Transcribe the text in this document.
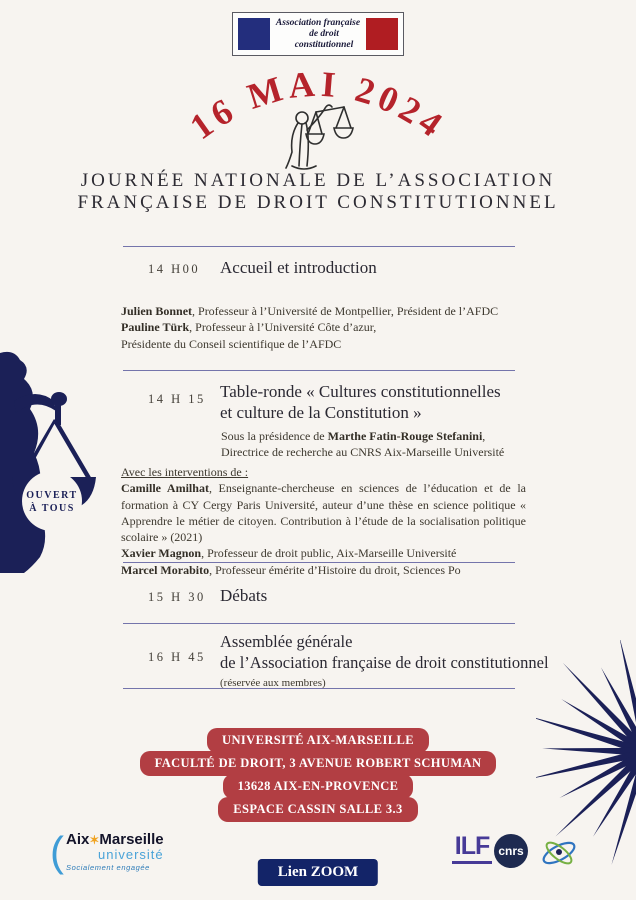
Association française
de droit constitutionnel
16 MAI 2024
JOURNÉE NATIONALE DE L’ASSOCIATION
FRANÇAISE DE DROIT CONSTITUTIONNEL
14 H00 Accueil et introduction
Julien Bonnet, Professeur à l’Université de Montpellier, Président de l’AFDC
Pauline Türk, Professeur à l’Université Côte d’azur,
Présidente du Conseil scientifique de l’AFDC
14 H 15 Table-ronde « Cultures constitutionnelles
et culture de la Constitution »
Sous la présidence de Marthe Fatin-Rouge Stefanini,
Directrice de recherche au CNRS Aix-Marseille Université
Avec les interventions de :
Camille Amilhat, Enseignante-chercheuse en sciences de l’éducation et de la formation à CY Cergy Paris Université, auteur d’une thèse en science politique « Apprendre le métier de citoyen. Contribution à l’étude de la socialisation politique scolaire » (2021)
Xavier Magnon, Professeur de droit public, Aix-Marseille Université
Marcel Morabito, Professeur émérite d’Histoire du droit, Sciences Po
15 H 30 Débats
16 H 45
Assemblée générale
de l’Association française de droit constitutionnel
(réservée aux membres)
OUVERT
À TOUS
UNIVERSITÉ AIX-MARSEILLE
FACULTÉ DE DROIT, 3 AVENUE ROBERT SCHUMAN
13628 AIX-EN-PROVENCE
ESPACE CASSIN SALLE 3.3
Lien ZOOM
( Aix✶Marseille
université
Socialement engagée
ILF cnrs
